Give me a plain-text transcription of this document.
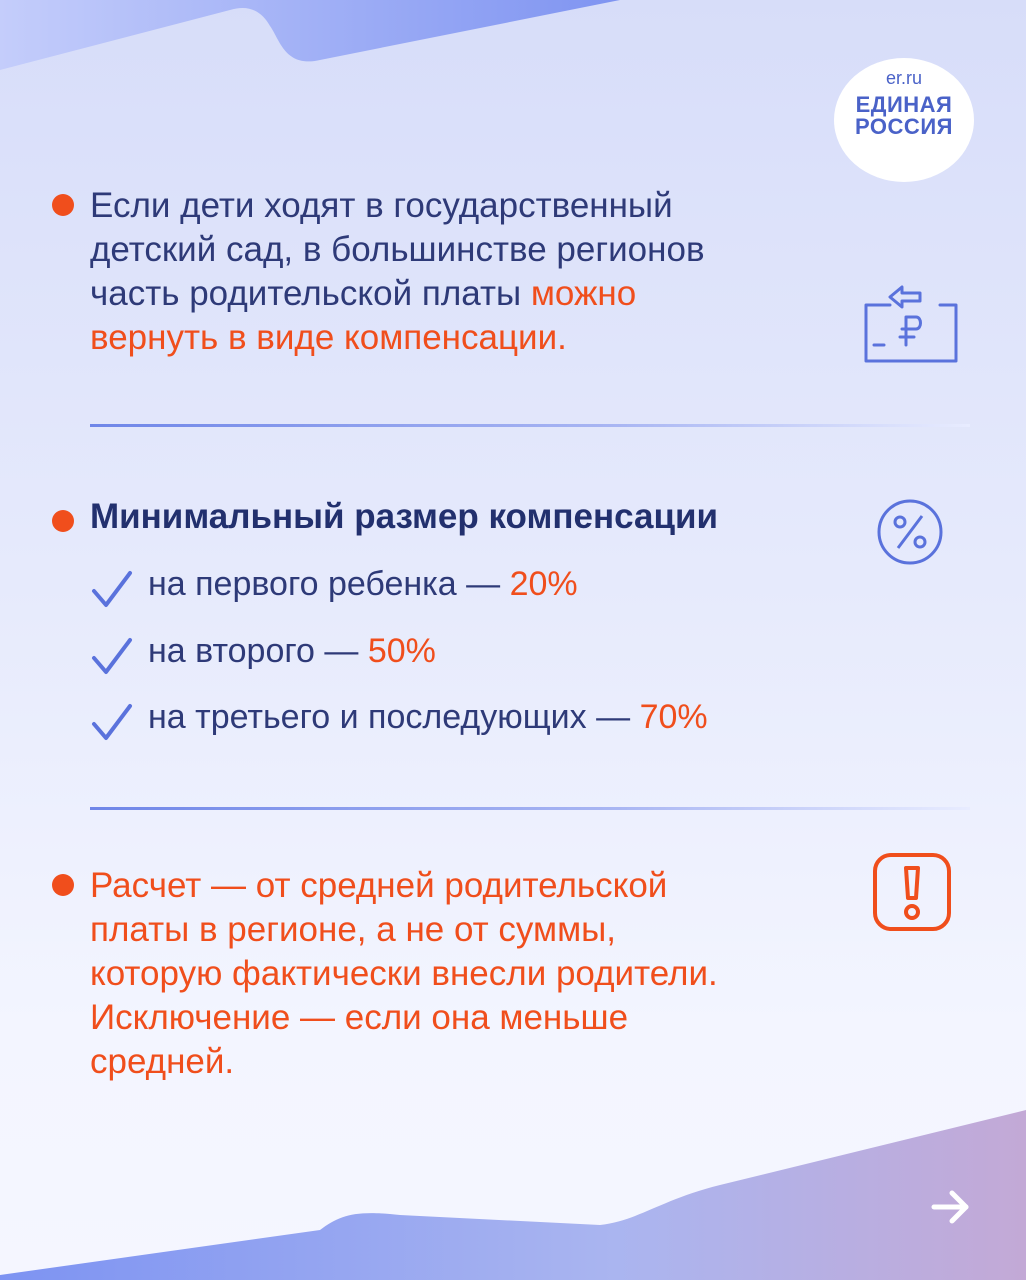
er.ru
ЕДИНАЯ
РОССИЯ
Если дети ходят в государственный
детский сад, в большинстве регионов
часть родительской платы можно
вернуть в виде компенсации.
Минимальный размер компенсации
на первого ребенка — 20%
на второго — 50%
на третьего и последующих — 70%
Расчет — от средней родительской
платы в регионе, а не от суммы,
которую фактически внесли родители.
Исключение — если она меньше
средней.
